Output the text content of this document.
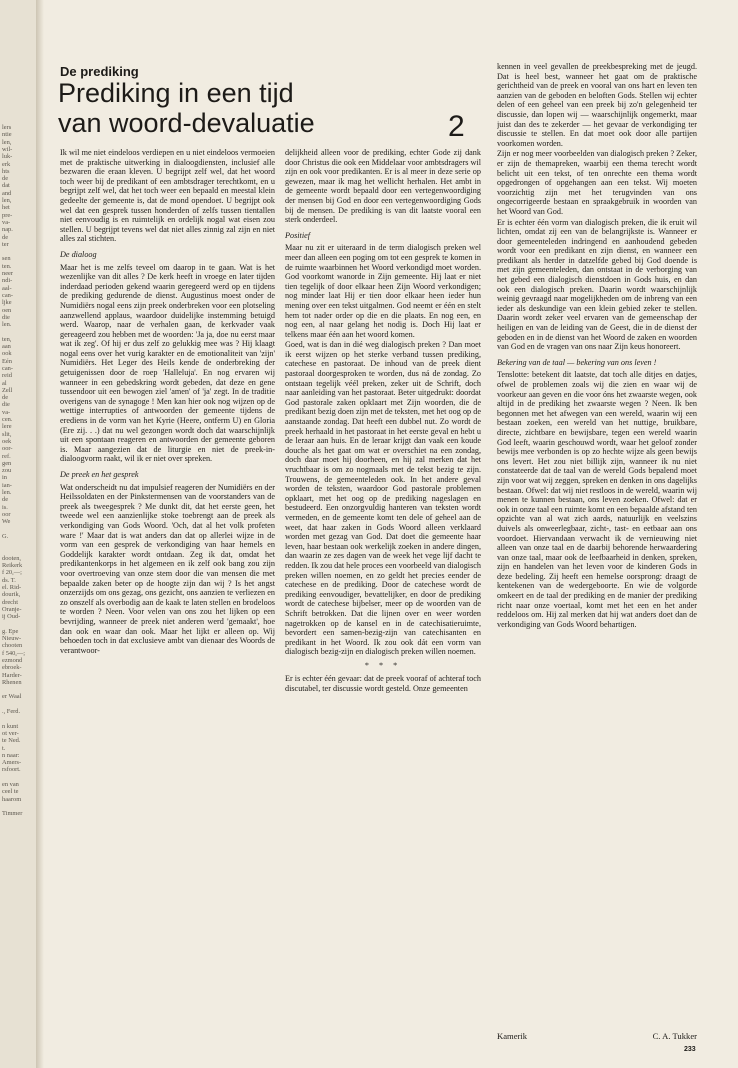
lers
ntie
len,
wil-
luk-
erk
hts
de
dat
and
len,
het
pre-
va-
nap.
de
ter
sen
ten.
neer
ndi-
aal-
can-
ljke
oen
die
len.
ten,
aan
ook
Eén
can-
reid
al
Zell
de
die
va-
cen.
lere
slit,
oek
oor-
ref.
gen
zou
in
ian-
len.
de
is.
oor
We
G.
dooten,
Reikerk
f 20,—;
ds. T.
el. Rid-
dourik,
drecht
Oranje-
ij Oud-
g. Epe
Nieuw-
chooten
f 540,—;
ezmond
ebroek-
Harder-
Rhenen
er Waal
., Ferd.
n kunt
ot ver-
te Ned.
t.
n naar:
Amers-
rsfoort.
en van
ceel te
haarom
Timmer
De prediking
Prediking in een tijd
van woord-devaluatie	2

Ik wil me niet eindeloos verdiepen en u niet eindeloos vermoeien met de praktische uitwerking in dialoogdiensten, inclusief alle bezwaren die eraan kleven. U begrijpt zelf wel, dat het woord toch weer bij de predikant of een ambtsdrager terechtkomt, en u begrijpt zelf wel, dat het toch weer een bepaald en meestal klein gedeelte der gemeente is, dat de mond opendoet. U begrijpt ook wel dat een gesprek tussen honderden of zelfs tussen tientallen niet eenvoudig is en ruimtelijk en ordelijk nogal wat eisen zou stellen. U begrijpt tevens wel dat niet alles zinnig zal zijn en niet alles zal stichten.

De dialoog

Maar het is me zelfs teveel om daarop in te gaan. Wat is het wezenlijke van dit alles ? De kerk heeft in vroege en later tijden inderdaad perioden gekend waarin geregeerd werd op en tijdens de prediking gedurende de dienst. Augustinus moest onder de Numidiërs nogal eens zijn preek onderbreken voor een plotseling aanzwellend applaus, waardoor duidelijke instemming betuigd werd. Waarop, naar de verhalen gaan, de kerkvader vaak gereageerd zou hebben met de woorden: 'Ja ja, doe nu eerst maar wat ik zeg'. Of hij er dus zelf zo gelukkig mee was ? Hij klaagt nogal eens over het vurig karakter en de emotionaliteit van 'zijn' Numidiërs. Het Leger des Heils kende de onderbreking der getuigenissen door de roep 'Halleluja'. En nog ervaren wij wanneer in een gebedskring wordt gebeden, dat deze en gene tussendoor uit een bewogen ziel 'amen' of 'ja' zegt. In de traditie overigens van de synagoge ! Men kan hier ook nog wijzen op de wettige interrupties of antwoorden der gemeente tijdens de erediens in de vorm van het Kyrie (Heere, ontferm U) en Gloria (Ere zij. . .) dat nu wel gezongen wordt doch dat waarschijnlijk uit een spontaan reageren en antwoorden der gemeente geboren is. Maar aangezien dat de liturgie en niet de preek-in-dialoogvorm raakt, wil ik er niet over spreken.

De preek en het gesprek

Wat onderscheidt nu dat impulsief reageren der Numidiërs en der Heilssoldaten en der Pinkstermensen van de voorstanders van de preek als tweegesprek ? Me dunkt dit, dat het eerste geen, het tweede wel een aanzienlijke stoke toebrengt aan de preek als verkondiging van Gods Woord. 'Och, dat al het volk profeten ware !' Maar dat is wat anders dan dat op allerlei wijze in de vorm van een gesprek de verkondiging van haar hemels en Goddelijk karakter wordt ontdaan. Zeg ik dat, omdat het predikantenkorps in het algemeen en ik zelf ook bang zou zijn voor overtroeving van onze stem door die van mensen die met bepaalde zaken beter op de hoogte zijn dan wij ? Is het angst onzerzijds om ons gezag, ons gezicht, ons aanzien te verliezen en zo onszelf als overbodig aan de kaak te laten stellen en brodeloos te worden ? Neen. Voor velen van ons zou het lijken op een bevrijding, wanneer de preek niet anderen werd 'gemaakt', hoe dan ook en waar dan ook. Maar het lijkt er alleen op. Wij behoeden toch in dat exclusieve ambt van dienaar des Woords de verantwoor-

delijkheid alleen voor de prediking, echter Gode zij dank door Christus die ook een Middelaar voor ambtsdragers wil zijn en ook voor predikanten. Er is al meer in deze serie op gewezen, maar ik mag het wellicht herhalen. Het ambt in de gemeente wordt bepaald door een vertegenwoordiging der mensen bij God en door een vertegenwoordiging Gods bij de mensen. De prediking is van dit laatste vooral een sterk onderdeel.

Positief

Maar nu zit er uiteraard in de term dialogisch preken wel meer dan alleen een poging om tot een gesprek te komen in de ruimte waarbinnen het Woord verkondigd moet worden. God voorkomt wanorde in Zijn gemeente. Hij laat er niet tien tegelijk of door elkaar heen Zijn Woord verkondigen; nog minder laat Hij er tien door elkaar heen ieder hun mening over een tekst uitgalmen. God neemt er één en stelt hem tot nader order op die en die plaats. En nog een, en nog een, al naar gelang het nodig is. Doch Hij laat er telkens maar één aan het woord komen.

Goed, wat is dan in dié weg dialogisch preken ? Dan moet ik eerst wijzen op het sterke verband tussen prediking, catechese en pastoraat. De inhoud van de preek dient pastoraal doorgesproken te worden, dus ná de zondag. Zo ontstaan tegelijk véél preken, zeker uit de Schrift, doch naar aanleiding van het pastoraat. Beter uitgedrukt: doordat God pastorale zaken opklaart met Zijn woorden, die de predikant bezig doen zijn met de teksten, met het oog op de aanstaande zondag. Dat heeft een dubbel nut. Zo wordt de preek herhaald in het pastoraat in het eerste geval en hebt u de leraar aan huis. En de leraar krijgt dan vaak een koude douche als het gaat om wat er overschiet na een zondag, doch daar moet hij doorheen, en hij zal merken dat het vruchtbaar is om zo nogmaals met de tekst bezig te zijn. Trouwens, de gemeenteleden ook. In het andere geval worden de teksten, waardoor God pastorale problemen opklaart, met het oog op de prediking nageslagen en bestudeerd. Een onzorgvuldig hanteren van teksten wordt vermeden, en de gemeente komt ten dele of geheel aan de weet, dat haar zaken in Gods Woord alleen verklaard worden met gezag van God. Dat doet die gemeente haar leven, haar bestaan ook werkelijk zoeken in andere dingen, dan waarin ze zes dagen van de week het vege lijf dacht te redden. Ik zou dat hele proces een voorbeeld van dialogisch preken willen noemen, en zo geldt het precies eender de catechese en de prediking. Door de catechese wordt de prediking eenvoudiger, bevattelijker, en door de prediking wordt de catechese bijbelser, meer op de woorden van de Schrift betrokken. Dat die lijnen over en weer worden nagetrokken op de kansel en in de catechisatieruimte, bevordert een samen-bezig-zijn van catechisanten en predikant in het Woord. Ik zou ook dát een vorm van dialogisch bezig-zijn en dialogisch preken willen noemen.

* * *

Er is echter één gevaar: dat de preek vooraf of achteraf toch discutabel, ter discussie wordt gesteld. Onze gemeenten

kennen in veel gevallen de preekbespreking met de jeugd. Dat is heel best, wanneer het gaat om de praktische gerichtheid van de preek en vooral van ons hart en leven ten aanzien van de geboden en beloften Gods. Stellen wij echter delen of een geheel van een preek bij zo'n gelegenheid ter discussie, dan lopen wij — waarschijnlijk ongemerkt, maar juist dan des te zekerder — het gevaar de verkondiging ter discussie te stellen. En dat moet ook door alle partijen voorkomen worden.

Zijn er nog meer voorbeelden van dialogisch preken ? Zeker, er zijn de themapreken, waarbij een thema terecht wordt belicht uit een tekst, of ten onrechte een thema wordt opgedrongen of opgehangen aan een tekst. Wij moeten voorzichtig zijn met het terugvinden van ons ongecorrigeerde bestaan en spraakgebruik in woorden van het Woord van God.

Er is echter één vorm van dialogisch preken, die ik eruit wil lichten, omdat zij een van de belangrijkste is. Wanneer er door gemeenteleden indringend en aanhoudend gebeden wordt voor een predikant en zijn dienst, en wanneer een predikant als herder in datzelfde gebed bij God doende is met zijn gemeenteleden, dan ontstaat in de verborging van het gebed een dialogisch dienstdoen in Gods huis, en dan ook een dialogisch preken. Daarin wordt waarschijnlijk weinig gevraagd naar mogelijkheden om de inbreng van een ieder als deskundige van een klein gebied zeker te stellen. Daarin wordt zeker veel ervaren van de gemeenschap der heiligen en van de leiding van de Geest, die in de dienst der geboden en in de dienst van het Woord de zaken en woorden van God en de vragen van ons naar Zijn keus honoreert.

Bekering van de taal — bekering van ons leven !

Tenslotte: betekent dit laatste, dat toch alle ditjes en datjes, ofwel de problemen zoals wij die zien en waar wij de voorkeur aan geven en die voor óns het zwaarste wegen, ook altijd in de prediking het zwaarste wegen ? Neen. Ik ben begonnen met het afwegen van een wereld, waarin wij een bestaan zoeken, een wereld van het nuttige, bruikbare, directe, zichtbare en bewijsbare, tegen een wereld waarin God leeft, waarin geschouwd wordt, waar het geloof zonder bewijs mee verbonden is op zo hechte wijze als geen bewijs ons levert. Het zou niet billijk zijn, wanneer ik nu niet constateerde dat de taal van de wereld Gods bepalend moet zijn voor wat wij zeggen, spreken en denken in ons dagelijks bestaan. Ofwel: dat wij niet restloos in de wereld, waarin wij menen te kunnen bestaan, ons leven zoeken. Ofwel: dat er ook in onze taal een ruimte komt en een bepaalde afstand ten opzichte van al wat zich aards, natuurlijk en veelszins duivels als onweerlegbaar, zicht-, tast- en eetbaar aan ons voordoet. Hiervandaan verwacht ik de vernieuwing niet alleen van onze taal en de daarbij behorende herwaardering van onze taal, maar ook de leefbaarheid in denken, spreken, zijn en handelen van het leven voor de kinderen Gods in deze bedeling. Zij heeft een hemelse oorsprong: draagt de kentekenen van de wedergeboorte. En wie de volgorde omkeert en de taal der prediking en de manier der prediking richt naar onze voertaal, komt met het een en het ander reddeloos om. Hij zal merken dat hij wat anders doet dan de verkondiging van Gods Woord behartigen.

Kamerik	C. A. Tukker
233
